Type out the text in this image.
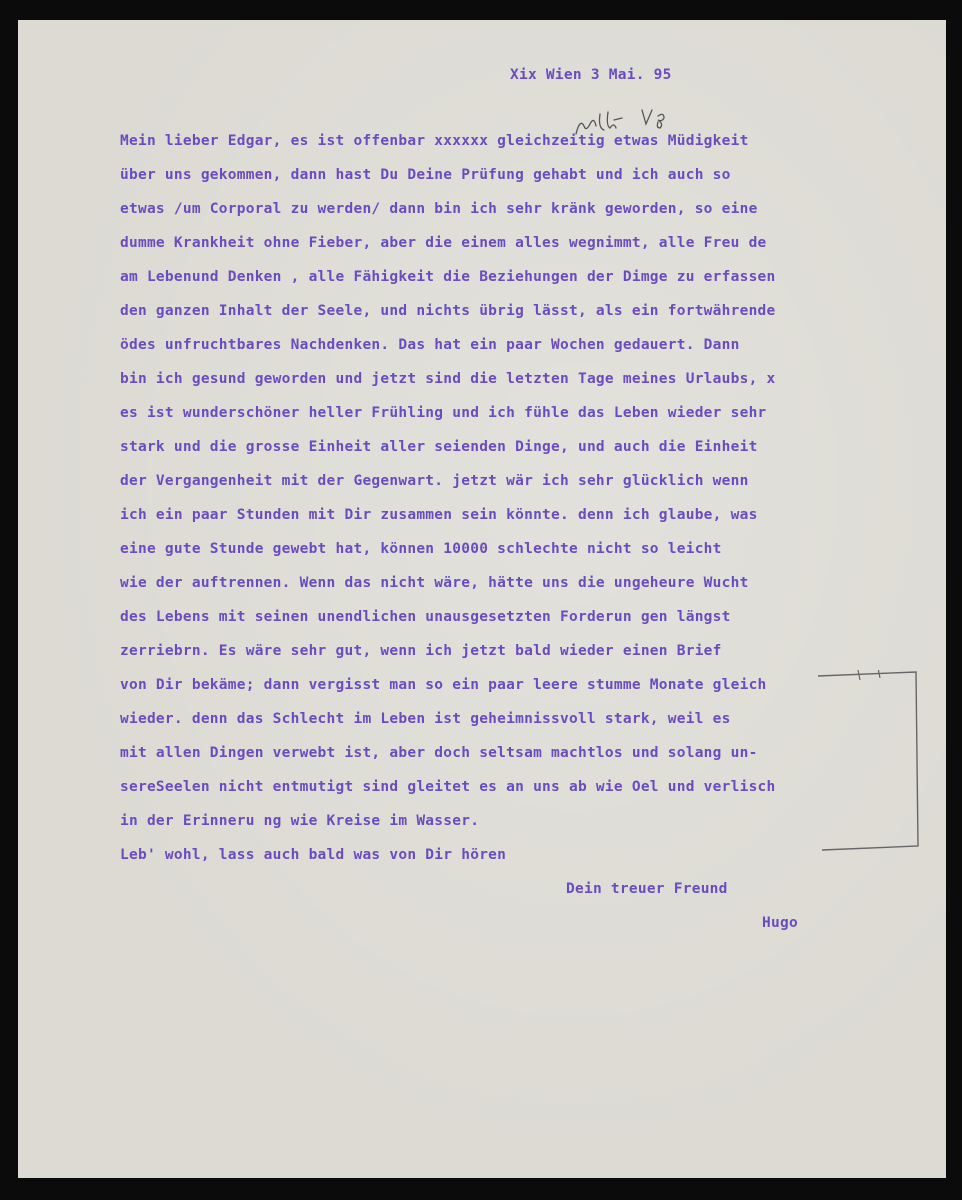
Xix Wien 3 Mai. 95
Mein lieber Edgar, es ist offenbar xxxxxx gleichzeitig etwas Müdigkeit
über uns gekommen, dann hast Du Deine Prüfung gehabt und ich auch so
etwas /um Corporal zu werden/ dann bin ich sehr kränk geworden, so eine
dumme Krankheit ohne Fieber, aber die einem alles wegnimmt, alle Freu de
am Lebenund Denken , alle Fähigkeit die Beziehungen der Dimge zu erfassen
den ganzen Inhalt der Seele, und nichts übrig lässt, als ein fortwährende
ödes unfruchtbares Nachdenken. Das hat ein paar Wochen gedauert. Dann
bin ich gesund geworden und jetzt sind die letzten Tage meines Urlaubs, x
es ist wunderschöner heller Frühling und ich fühle das Leben wieder sehr
stark und die grosse Einheit aller seienden Dinge, und auch die Einheit
der Vergangenheit mit der Gegenwart. jetzt wär ich sehr glücklich wenn
ich ein paar Stunden mit Dir zusammen sein könnte. denn ich glaube, was
eine gute Stunde gewebt hat, können 10000 schlechte nicht so leicht
wie der auftrennen. Wenn das nicht wäre, hätte uns die ungeheure Wucht
des Lebens mit seinen unendlichen unausgesetzten Forderun gen längst
zerriebrn. Es wäre sehr gut, wenn ich jetzt bald wieder einen Brief
von Dir bekäme; dann vergisst man so ein paar leere stumme Monate gleich
wieder. denn das Schlecht im Leben ist geheimnissvoll stark, weil es
mit allen Dingen verwebt ist, aber doch seltsam machtlos und solang un-
sereSeelen nicht entmutigt sind gleitet es an uns ab wie Oel und verlisch
in der Erinneru ng wie Kreise im Wasser.
Leb' wohl, lass auch bald was von Dir hören
Dein treuer Freund
Hugo
